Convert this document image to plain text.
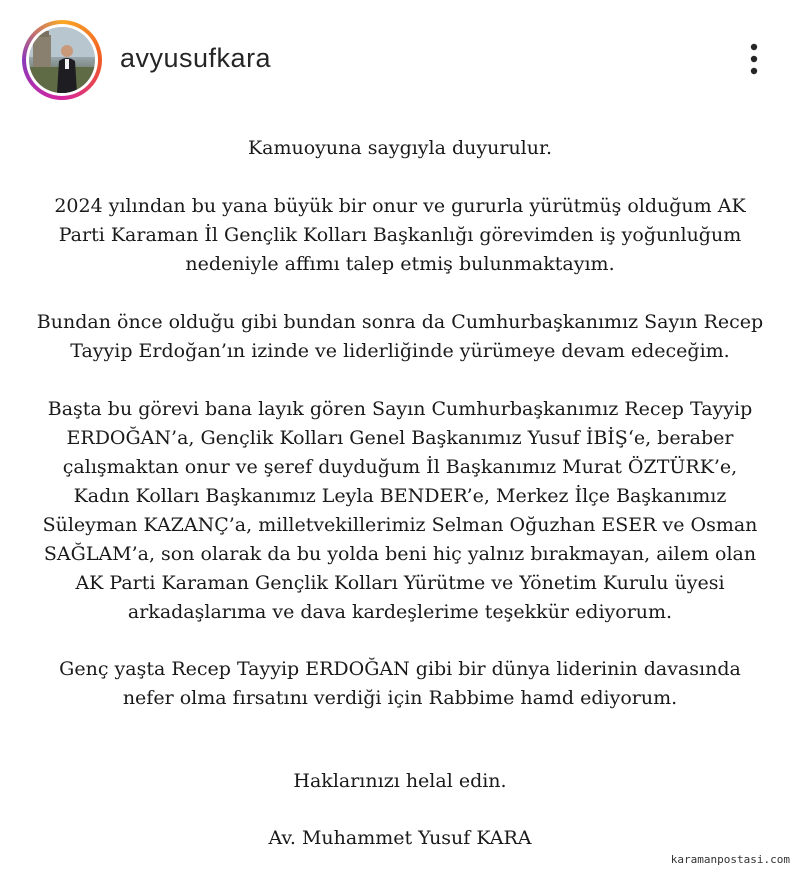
avyusufkara

Kamuoyuna saygıyla duyurulur.

2024 yılından bu yana büyük bir onur ve gururla yürütmüş olduğum AK
Parti Karaman İl Gençlik Kolları Başkanlığı görevimden iş yoğunluğum
nedeniyle affımı talep etmiş bulunmaktayım.

Bundan önce olduğu gibi bundan sonra da Cumhurbaşkanımız Sayın Recep
Tayyip Erdoğan’ın izinde ve liderliğinde yürümeye devam edeceğim.

Başta bu görevi bana layık gören Sayın Cumhurbaşkanımız Recep Tayyip
ERDOĞAN’a, Gençlik Kolları Genel Başkanımız Yusuf İBİŞ‘e, beraber
çalışmaktan onur ve şeref duyduğum İl Başkanımız Murat ÖZTÜRK’e,
Kadın Kolları Başkanımız Leyla BENDER’e, Merkez İlçe Başkanımız
Süleyman KAZANÇ’a, milletvekillerimiz Selman Oğuzhan ESER ve Osman
SAĞLAM’a, son olarak da bu yolda beni hiç yalnız bırakmayan, ailem olan
AK Parti Karaman Gençlik Kolları Yürütme ve Yönetim Kurulu üyesi
arkadaşlarıma ve dava kardeşlerime teşekkür ediyorum.

Genç yaşta Recep Tayyip ERDOĞAN gibi bir dünya liderinin davasında
nefer olma fırsatını verdiği için Rabbime hamd ediyorum.

Haklarınızı helal edin.

Av. Muhammet Yusuf KARA

karamanpostasi.com
